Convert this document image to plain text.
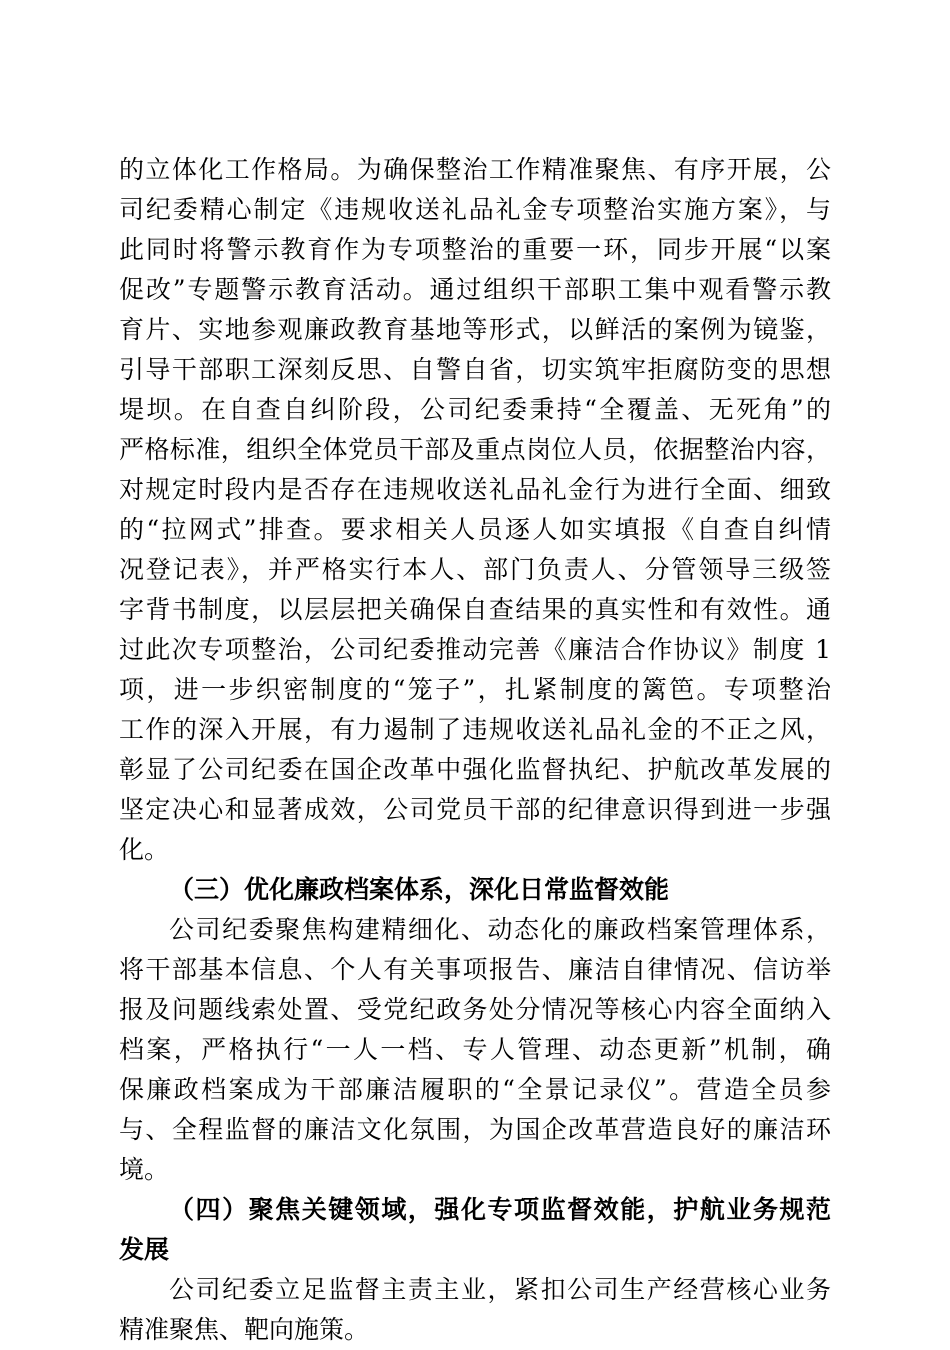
的立体化工作格局。为确保整治工作精准聚焦、有序开展，公
司纪委精心制定《违规收送礼品礼金专项整治实施方案》，与
此同时将警示教育作为专项整治的重要一环，同步开展“以案
促改”专题警示教育活动。通过组织干部职工集中观看警示教
育片、实地参观廉政教育基地等形式，以鲜活的案例为镜鉴，
引导干部职工深刻反思、自警自省，切实筑牢拒腐防变的思想
堤坝。在自查自纠阶段，公司纪委秉持“全覆盖、无死角”的
严格标准，组织全体党员干部及重点岗位人员，依据整治内容，
对规定时段内是否存在违规收送礼品礼金行为进行全面、细致
的“拉网式”排查。要求相关人员逐人如实填报《自查自纠情
况登记表》，并严格实行本人、部门负责人、分管领导三级签
字背书制度，以层层把关确保自查结果的真实性和有效性。通
过此次专项整治，公司纪委推动完善《廉洁合作协议》制度 1
项，进一步织密制度的“笼子”，扎紧制度的篱笆。专项整治
工作的深入开展，有力遏制了违规收送礼品礼金的不正之风，
彰显了公司纪委在国企改革中强化监督执纪、护航改革发展的
坚定决心和显著成效，公司党员干部的纪律意识得到进一步强
化。
（三）优化廉政档案体系，深化日常监督效能
公司纪委聚焦构建精细化、动态化的廉政档案管理体系，
将干部基本信息、个人有关事项报告、廉洁自律情况、信访举
报及问题线索处置、受党纪政务处分情况等核心内容全面纳入
档案，严格执行“一人一档、专人管理、动态更新”机制，确
保廉政档案成为干部廉洁履职的“全景记录仪”。营造全员参
与、全程监督的廉洁文化氛围，为国企改革营造良好的廉洁环
境。
（四）聚焦关键领域，强化专项监督效能，护航业务规范
发展
公司纪委立足监督主责主业，紧扣公司生产经营核心业务
精准聚焦、靶向施策。
